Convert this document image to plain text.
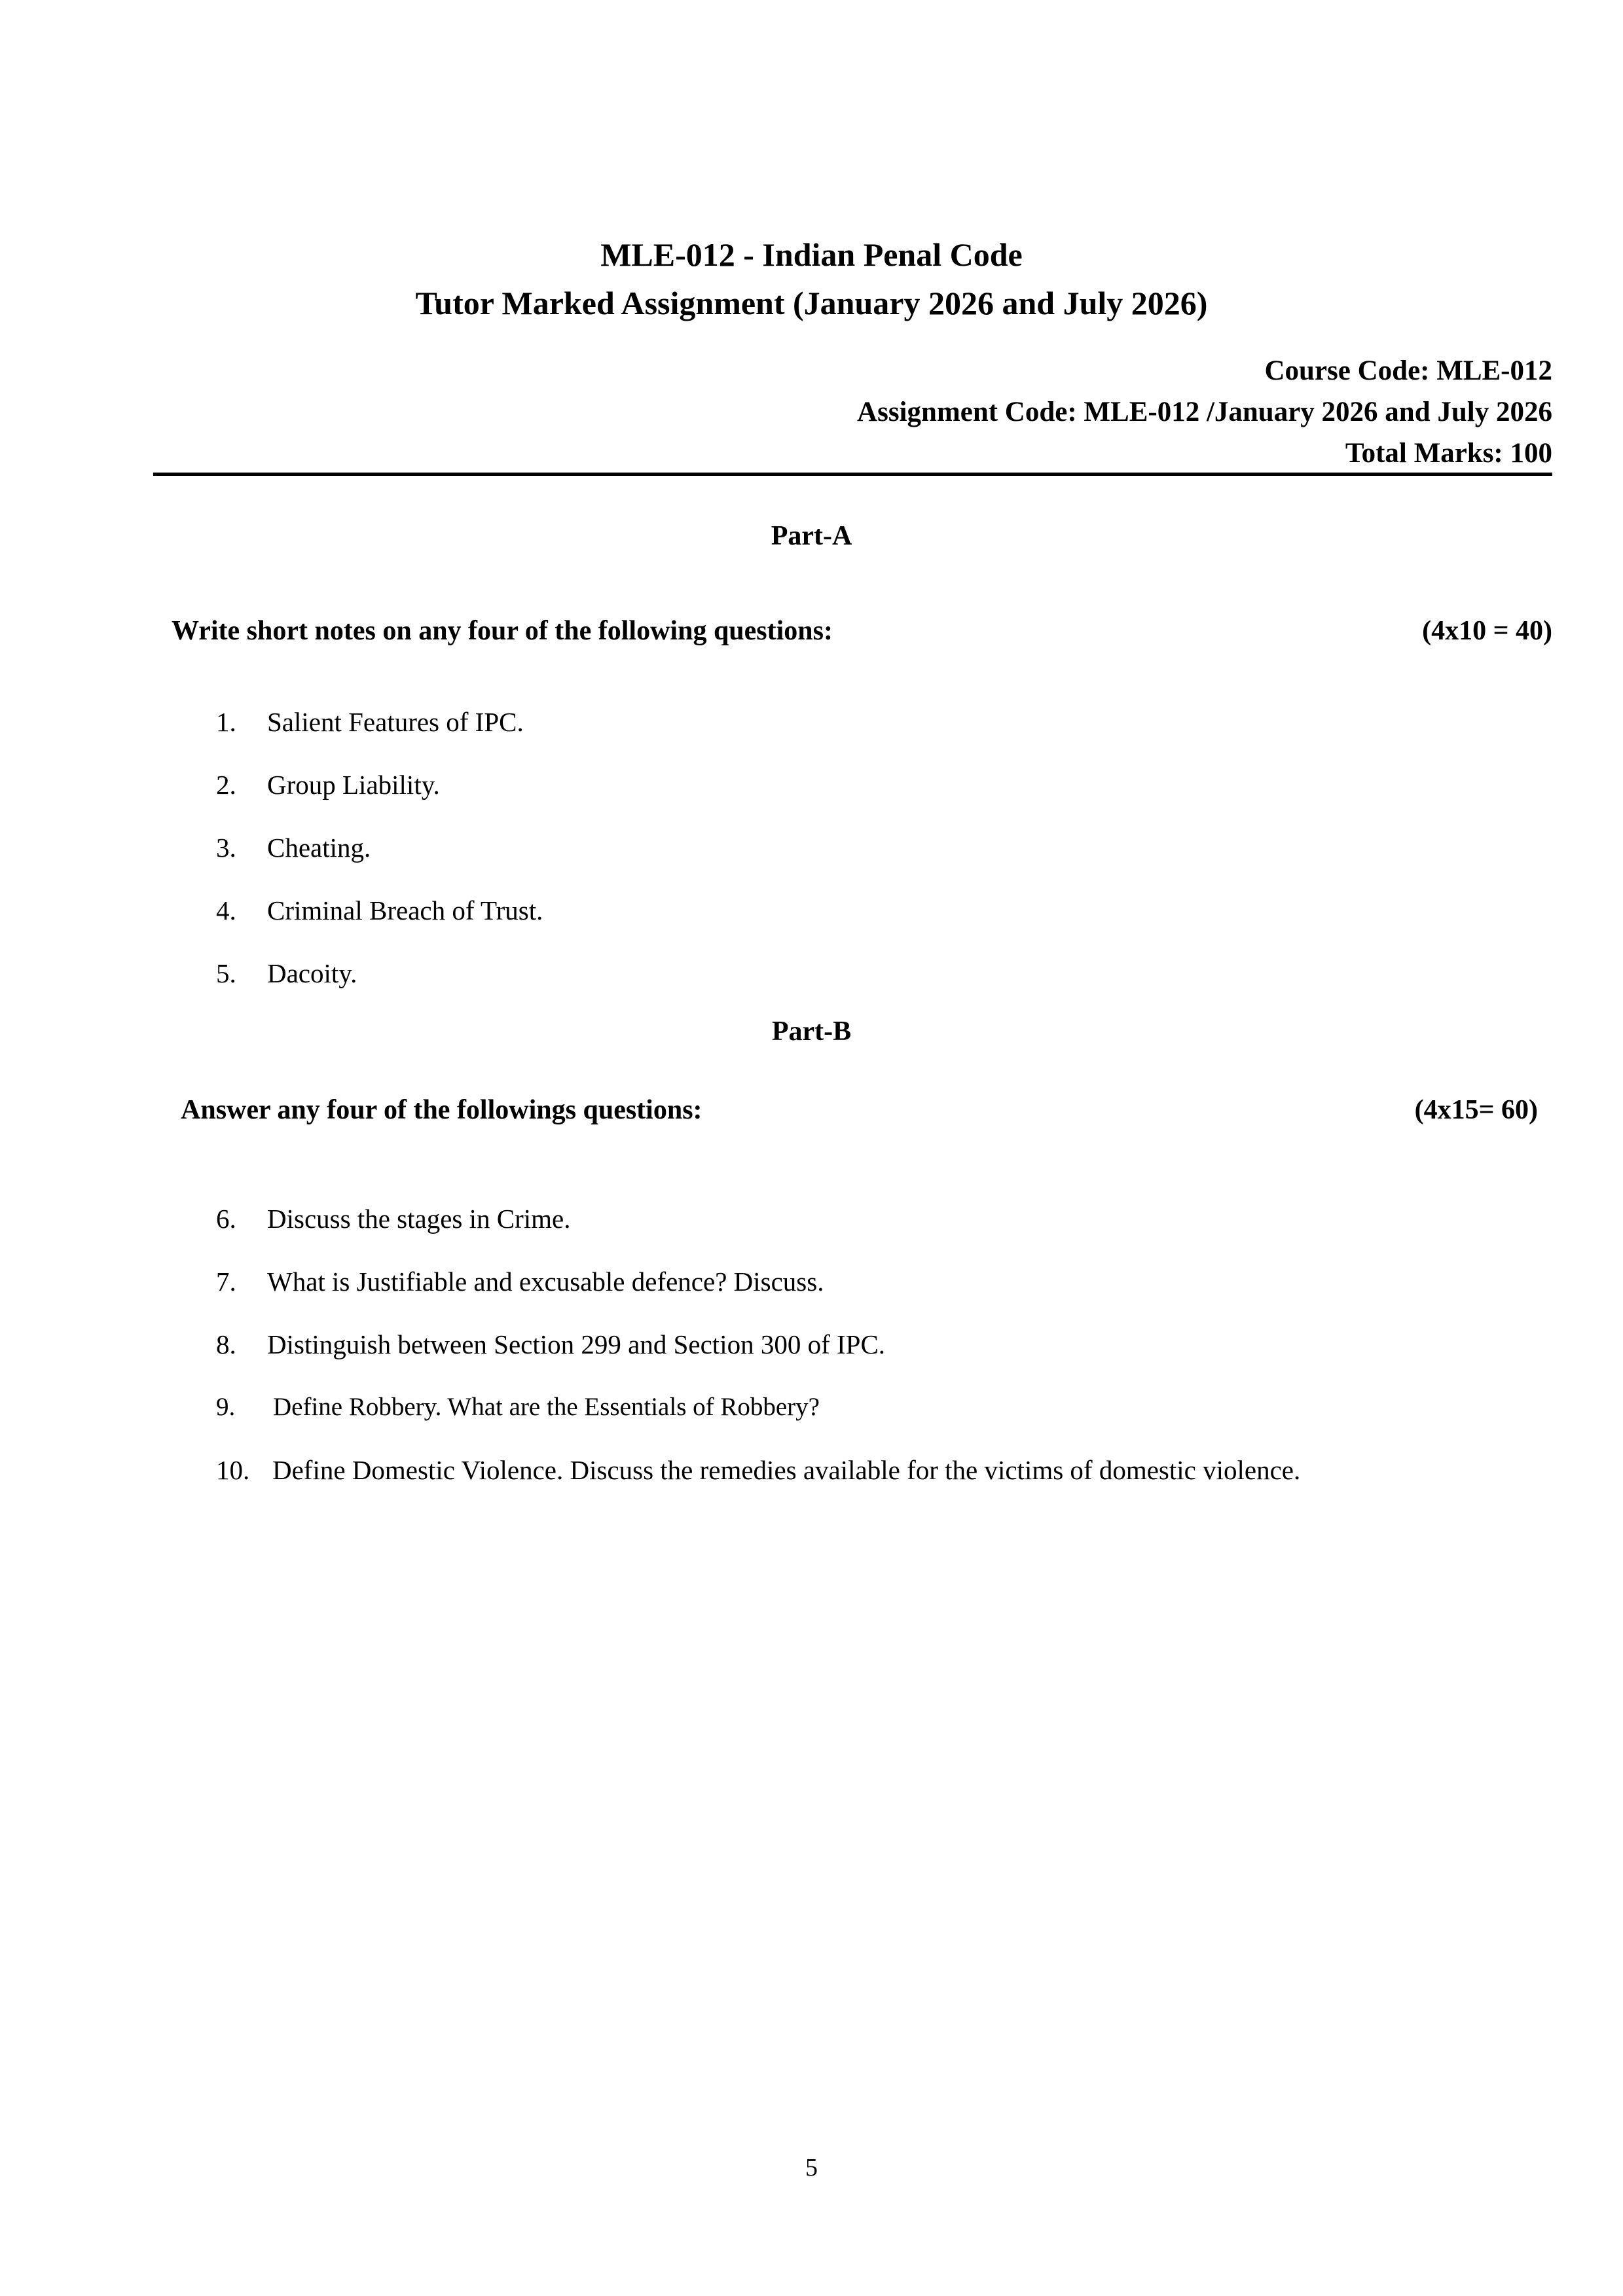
MLE-012 - Indian Penal Code
Tutor Marked Assignment (January 2026 and July 2026)
Course Code: MLE-012
Assignment Code: MLE-012 /January 2026 and July 2026
Total Marks: 100
Part-A
Write short notes on any four of the following questions:	(4x10 = 40)
1.	Salient Features of IPC.
2.	Group Liability.
3.	Cheating.
4.	Criminal Breach of Trust.
5.	Dacoity.
Part-B
Answer any four of the followings questions:	(4x15= 60)
6.	Discuss the stages in Crime.
7.	What is Justifiable and excusable defence? Discuss.
8.	Distinguish between Section 299 and Section 300 of IPC.
9.	Define Robbery. What are the Essentials of Robbery?
10. Define Domestic Violence. Discuss the remedies available for the victims of domestic violence.
5
